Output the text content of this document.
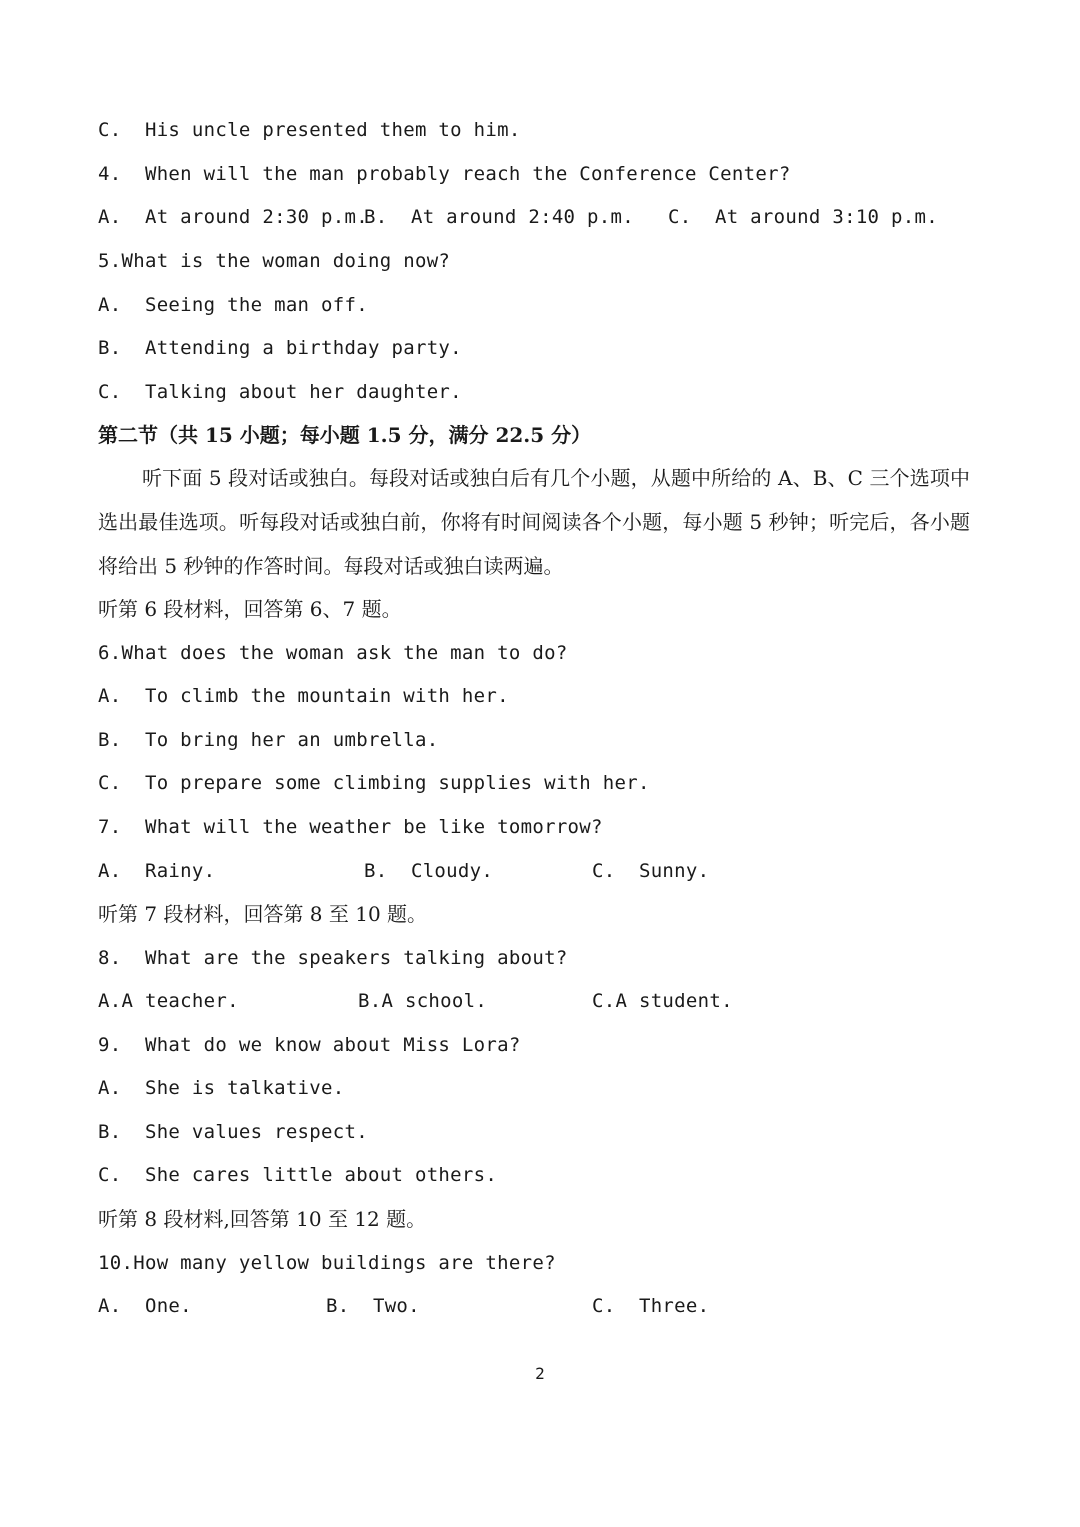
C.  His uncle presented them to him.
4.  When will the man probably reach the Conference Center?
A.  At around 2:30 p.m.
B.  At around 2:40 p.m. C.  At around 3:10 p.m.
5.What is the woman doing now?
A.  Seeing the man off.
B.  Attending a birthday party.
C.  Talking about her daughter.
第二节（共 15 小题；每小题 1.5 分，满分 22.5 分）
听下面 5 段对话或独白。每段对话或独白后有几个小题，从题中所给的 A、B、C 三个选项中选出最佳选项。听每段对话或独白前，你将有时间阅读各个小题，每小题 5 秒钟；听完后，各小题将给出 5 秒钟的作答时间。每段对话或独白读两遍。
听第 6 段材料，回答第 6、7 题。
6.What does the woman ask the man to do?
A.  To climb the mountain with her.
B.  To bring her an umbrella.
C.  To prepare some climbing supplies with her.
7.  What will the weather be like tomorrow?
A.  Rainy.	B.  Cloudy.	C.  Sunny.
听第 7 段材料，回答第 8 至 10 题。
8.  What are the speakers talking about?
A.A teacher.	B.A school.	C.A student.
9.  What do we know about Miss Lora?
A.  She is talkative.
B.  She values respect.
C.  She cares little about others.
听第 8 段材料,回答第 10 至 12 题。
10.How many yellow buildings are there?
A.  One.	B.  Two.	C.  Three.
2
